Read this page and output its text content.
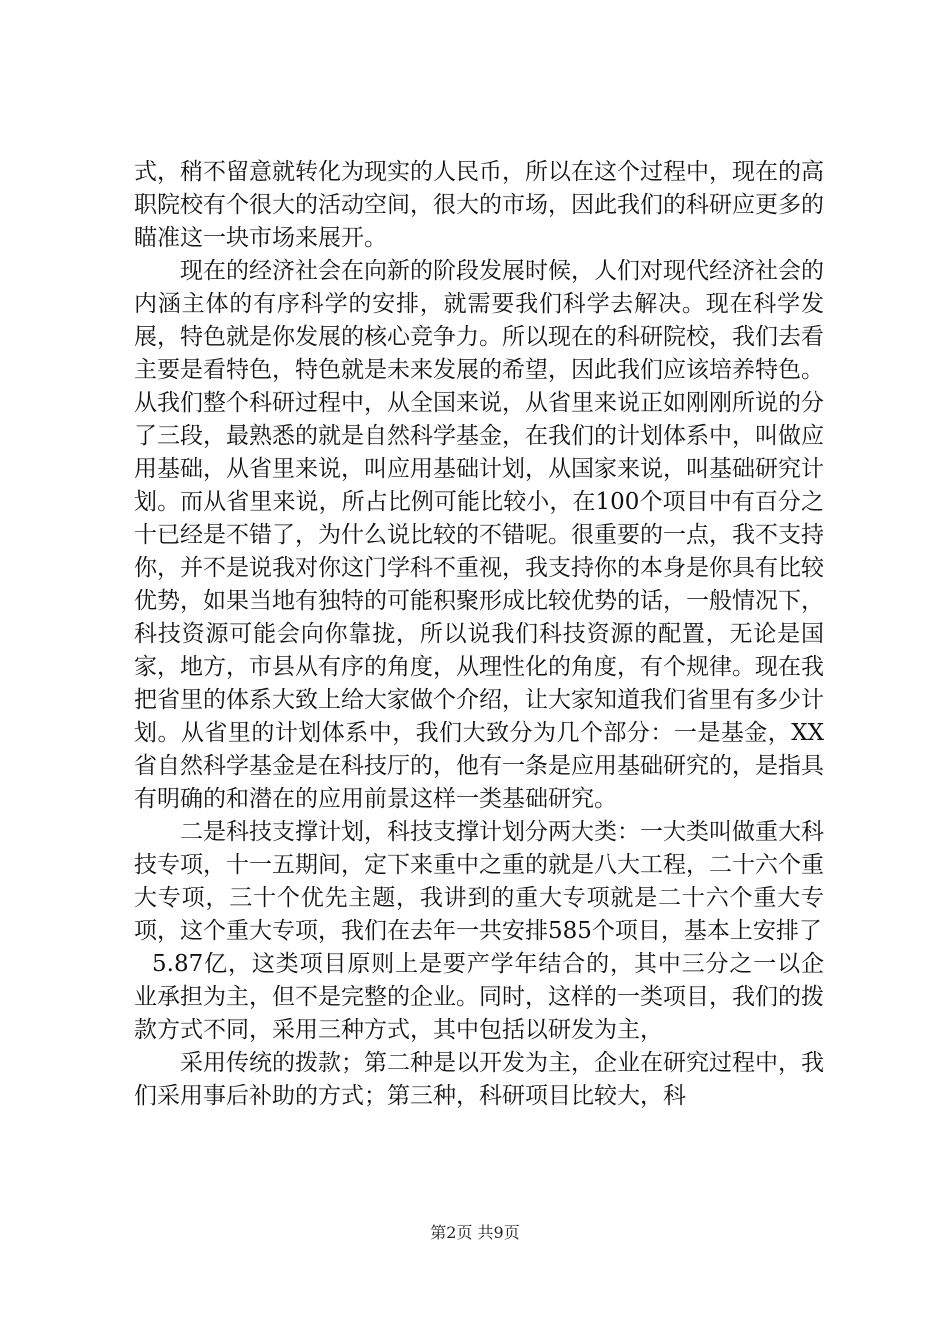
式，稍不留意就转化为现实的人民币，所以在这个过程中，现在的高职院校有个很大的活动空间，很大的市场，因此我们的科研应更多的瞄准这一块市场来展开。

现在的经济社会在向新的阶段发展时候，人们对现代经济社会的内涵主体的有序科学的安排，就需要我们科学去解决。现在科学发展，特色就是你发展的核心竞争力。所以现在的科研院校，我们去看主要是看特色，特色就是未来发展的希望，因此我们应该培养特色。从我们整个科研过程中，从全国来说，从省里来说正如刚刚所说的分了三段，最熟悉的就是自然科学基金，在我们的计划体系中，叫做应用基础，从省里来说，叫应用基础计划，从国家来说，叫基础研究计划。而从省里来说，所占比例可能比较小，在100个项目中有百分之十已经是不错了，为什么说比较的不错呢。很重要的一点，我不支持你，并不是说我对你这门学科不重视，我支持你的本身是你具有比较优势，如果当地有独特的可能积聚形成比较优势的话，一般情况下，科技资源可能会向你靠拢，所以说我们科技资源的配置，无论是国家，地方，市县从有序的角度，从理性化的角度，有个规律。现在我把省里的体系大致上给大家做个介绍，让大家知道我们省里有多少计划。从省里的计划体系中，我们大致分为几个部分：一是基金，XX省自然科学基金是在科技厅的，他有一条是应用基础研究的，是指具有明确的和潜在的应用前景这样一类基础研究。

二是科技支撑计划，科技支撑计划分两大类：一大类叫做重大科技专项，十一五期间，定下来重中之重的就是八大工程，二十六个重大专项，三十个优先主题，我讲到的重大专项就是二十六个重大专项，这个重大专项，我们在去年一共安排585个项目，基本上安排了

5.87亿，这类项目原则上是要产学年结合的，其中三分之一以企业承担为主，但不是完整的企业。同时，这样的一类项目，我们的拨款方式不同，采用三种方式，其中包括以研发为主，

采用传统的拨款；第二种是以开发为主，企业在研究过程中，我们采用事后补助的方式；第三种，科研项目比较大，科

第2页 共9页
